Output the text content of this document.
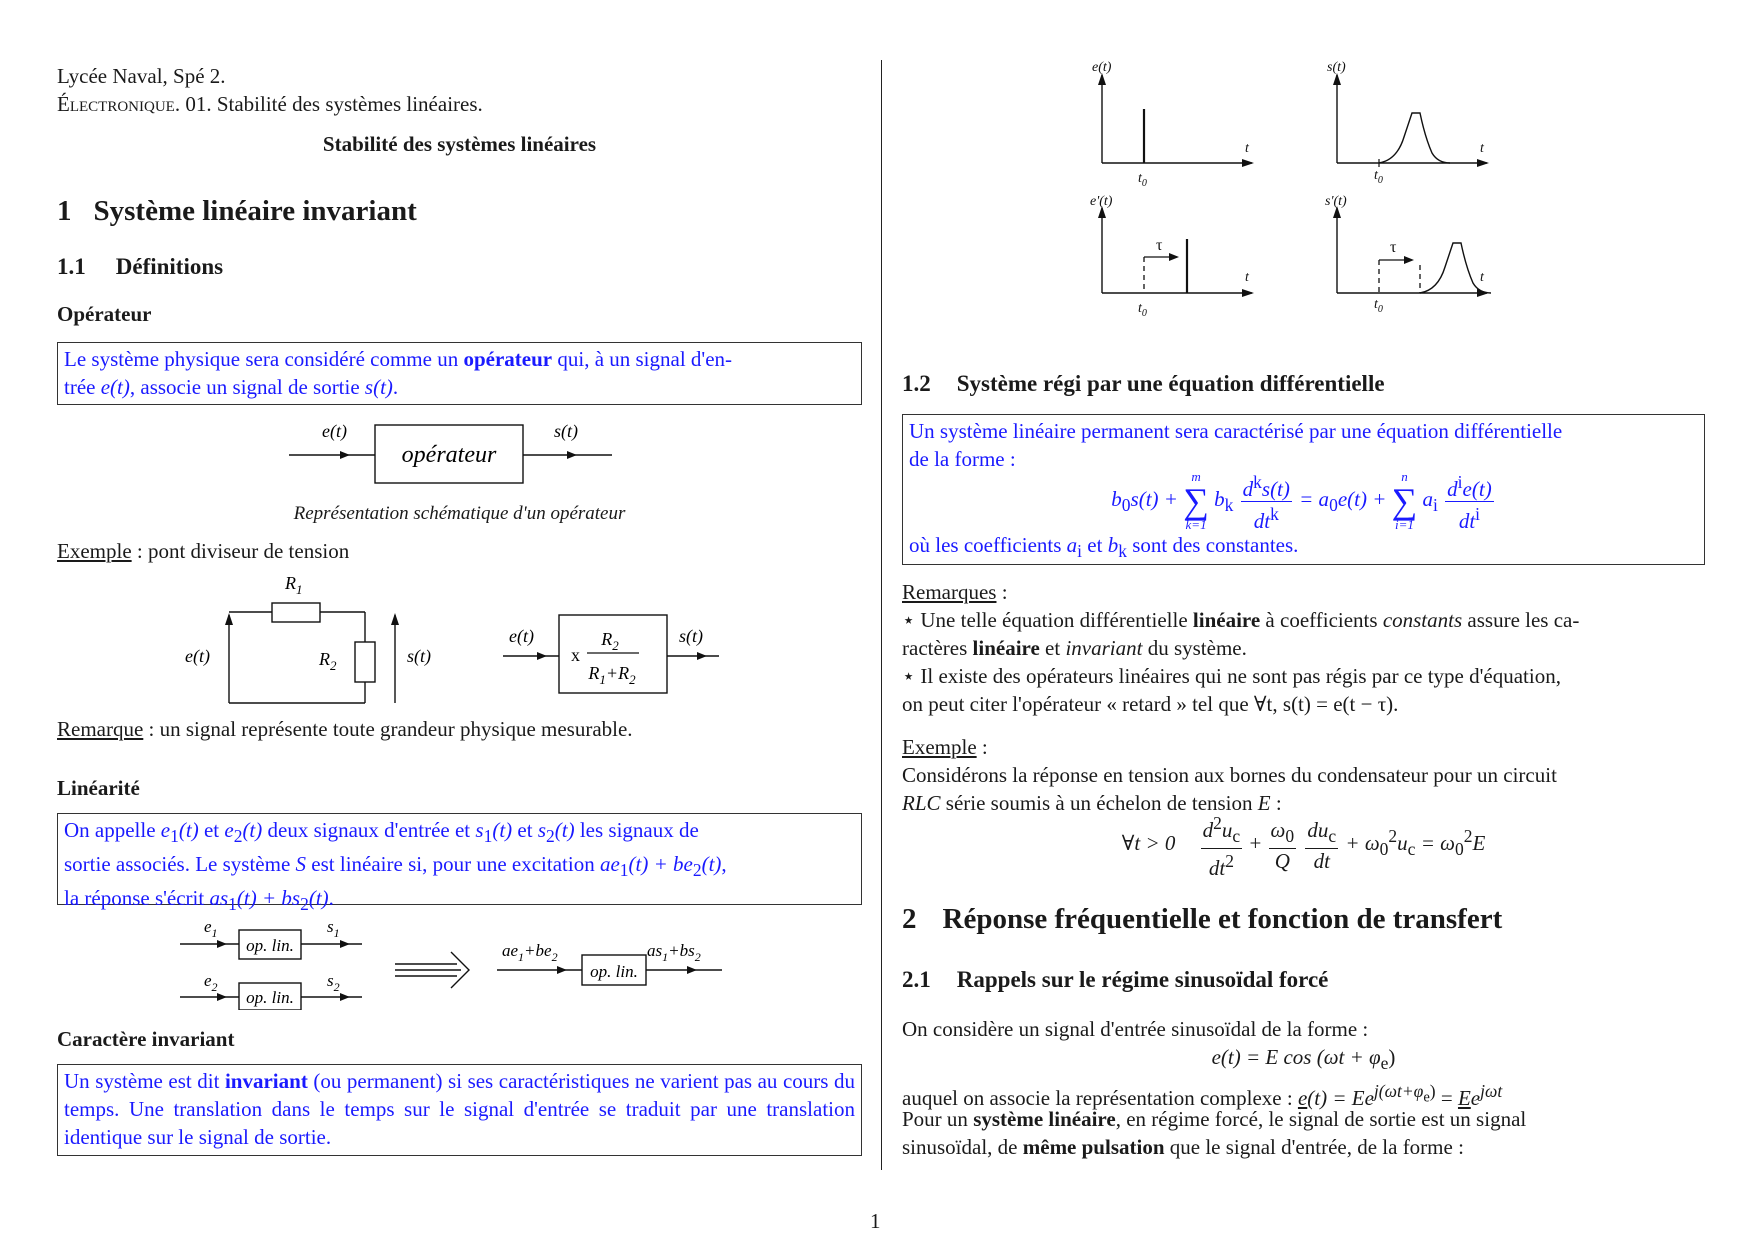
Lycée Naval, Spé 2.
Électronique. 01. Stabilité des systèmes linéaires.
Stabilité des systèmes linéaires
1 Système linéaire invariant
1.1 Définitions
Opérateur
Le système physique sera considéré comme un opérateur qui, à un signal d'en-
trée e(t), associe un signal de sortie s(t).
e(t)
opérateur
s(t)
Représentation schématique d'un opérateur
Exemple : pont diviseur de tension
e(t)
$R_1$
$R_2$	s(t)
e(t)
x
$R_2$
$R_1+R_2$
s(t)
Remarque : un signal représente toute grandeur physique mesurable.
Linéarité
On appelle $e_1(t)$ et $e_2(t)$ deux signaux d'entrée et $s_1(t)$ et $s_2(t)$ les signaux de
sortie associés. Le système S est linéaire si, pour une excitation $ae_1(t) + be_2(t)$,
la réponse s'écrit $as_1(t) + bs_2(t)$.
op. lin.
$e_1$	$s_1$
op. lin.
$e_2$	$s_2$
op. lin.
$ae_1+be_2$	$as_1+bs_2$
Caractère invariant
Un système est dit invariant (ou permanent) si ses caractéristiques ne varient pas au cours du temps. Une translation dans le temps sur le signal d'entrée se traduit par une translation identique sur le signal de sortie.
e(t)
t
$t_0$
s(t)
t
$t_0$
e'(t)
t
τ
$t_0$
s'(t)
t
τ
$t_0$
1.2 Système régi par une équation différentielle
Un système linéaire permanent sera caractérisé par une équation différentielle
de la forme :
$b_0s(t) + m$
∑
k=1 $b_k \frac{d^ks(t)}{dt^k} = a_0e(t) + n$
∑
i=1 $a_i \frac{d^ie(t)}{dt^i}$
où les coefficients $a_i$ et $b_k$ sont des constantes.
Remarques :
⋆ Une telle équation différentielle linéaire à coefficients constants assure les ca-
ractères linéaire et invariant du système.
⋆ Il existe des opérateurs linéaires qui ne sont pas régis par ce type d'équation,
on peut citer l'opérateur « retard » tel que ∀t, s(t) = e(t − τ).
Exemple :
Considérons la réponse en tension aux bornes du condensateur pour un circuit
RLC série soumis à un échelon de tension E :
∀t > $0 \frac{d^2u_c}{dt^2} + \frac{\omega_0}{Q}$
$\frac{du_c}{dt} + \omega_0^2u_c = \omega_0^2E$
2 Réponse fréquentielle et fonction de transfert
2.1 Rappels sur le régime sinusoïdal forcé
On considère un signal d'entrée sinusoïdal de la forme :
e(t) = E $\cos (\omega t + \varphi_e)$
auquel on associe la représentation complexe : $e(t) = Ee^{j(\omega t+\varphi_e)} = Ee^{j\omega t}$
Pour un système linéaire, en régime forcé, le signal de sortie est un signal
sinusoïdal, de même pulsation que le signal d'entrée, de la forme :
1
